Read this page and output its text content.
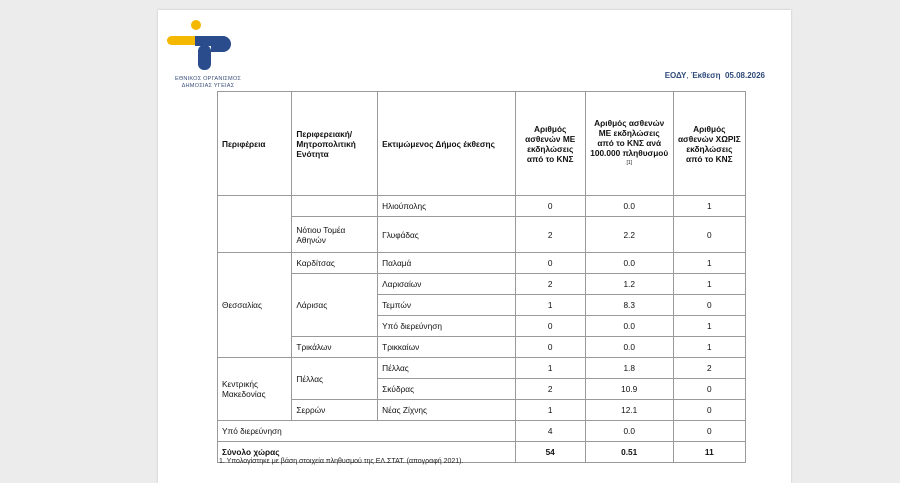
ΕΘΝΙΚΟΣ ΟΡΓΑΝΙΣΜΟΣ
ΔΗΜΟΣΙΑΣ ΥΓΕΙΑΣ
ΕΟΔΥ, Έκθεση 05.08.2026
Περιφέρεια	Περιφερειακή/ Μητροπολιτική Ενότητα	Εκτιμώμενος Δήμος έκθεσης	Αριθμός ασθενών ΜΕ εκδηλώσεις από το ΚΝΣ	Αριθμός ασθενών ΜΕ εκδηλώσεις από το ΚΝΣ ανά 100.000 πληθυσμού [1]	Αριθμός ασθενών ΧΩΡΙΣ εκδηλώσεις από το ΚΝΣ
		Ηλιούπολης	0	0.0	1
	Νότιου Τομέα Αθηνών	Γλυφάδας	2	2.2	0
Θεσσαλίας	Καρδίτσας	Παλαμά	0	0.0	1
	Λάρισας	Λαρισαίων	2	1.2	1
		Τεμπών	1	8.3	0
		Υπό διερεύνηση	0	0.0	1
	Τρικάλων	Τρικκαίων	0	0.0	1
Κεντρικής Μακεδονίας	Πέλλας	Πέλλας	1	1.8	2
		Σκύδρας	2	10.9	0
	Σερρών	Νέας Ζίχνης	1	12.1	0
Υπό διερεύνηση			4	0.0	0
Σύνολο χώρας			54	0.51	11
1. Υπολογίστηκε με βάση στοιχεία πληθυσμού της ΕΛ.ΣΤΑΤ. (απογραφή 2021).
